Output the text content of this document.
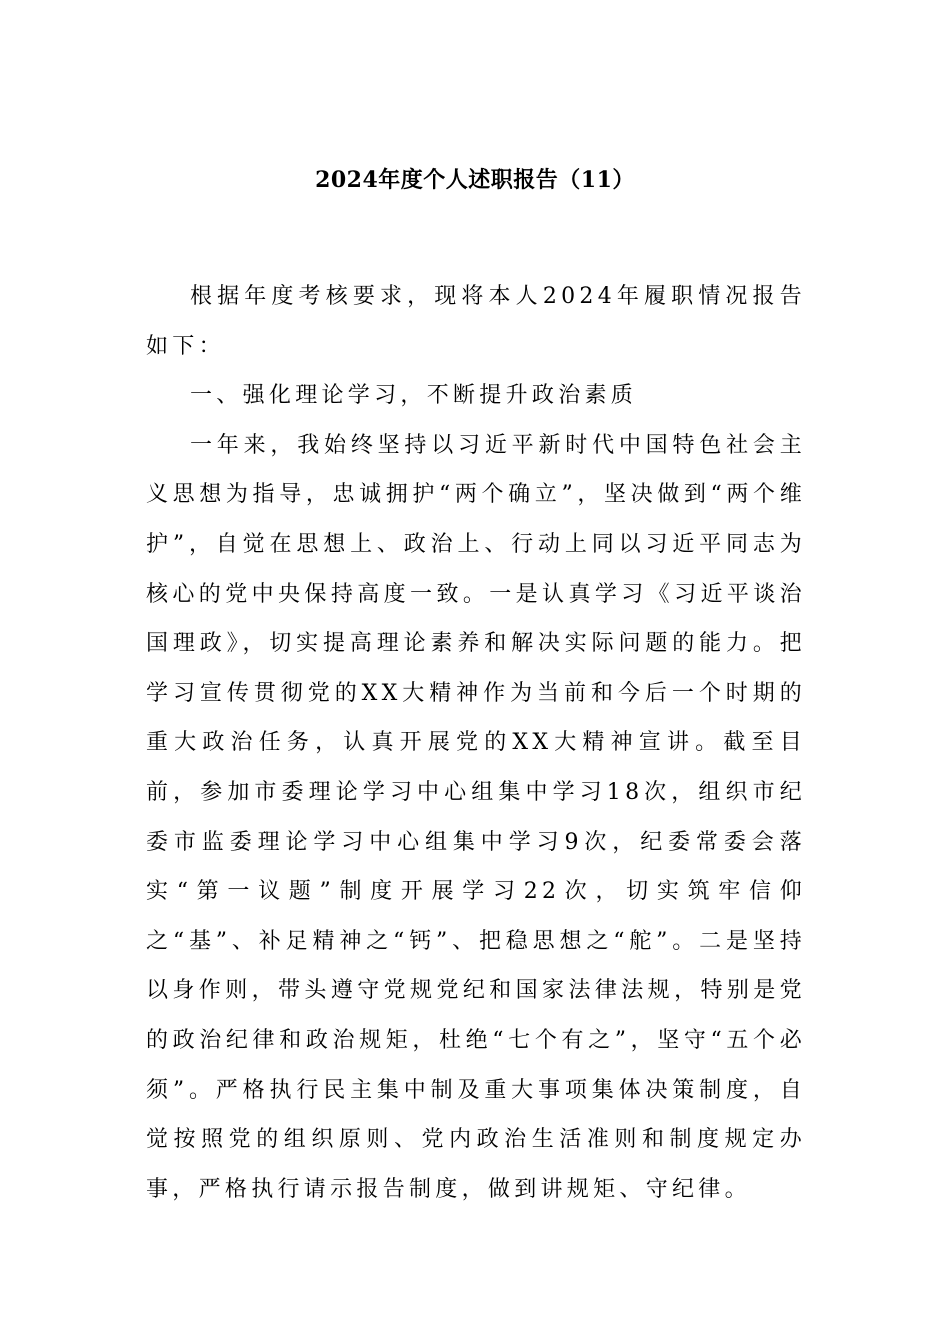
2024年度个人述职报告（11）

根据年度考核要求，现将本人2024年履职情况报告如下：

一、强化理论学习，不断提升政治素质

一年来，我始终坚持以习近平新时代中国特色社会主义思想为指导，忠诚拥护“两个确立”，坚决做到“两个维护”，自觉在思想上、政治上、行动上同以习近平同志为核心的党中央保持高度一致。一是认真学习《习近平谈治国理政》，切实提高理论素养和解决实际问题的能力。把学习宣传贯彻党的XX大精神作为当前和今后一个时期的重大政治任务，认真开展党的XX大精神宣讲。截至目前，参加市委理论学习中心组集中学习18次，组织市纪委市监委理论学习中心组集中学习9次，纪委常委会落实“第一议题”制度开展学习22次，切实筑牢信仰之“基”、补足精神之“钙”、把稳思想之“舵”。二是坚持以身作则，带头遵守党规党纪和国家法律法规，特别是党的政治纪律和政治规矩，杜绝“七个有之”，坚守“五个必须”。严格执行民主集中制及重大事项集体决策制度，自觉按照党的组织原则、党内政治生活准则和制度规定办事，严格执行请示报告制度，做到讲规矩、守纪律。
